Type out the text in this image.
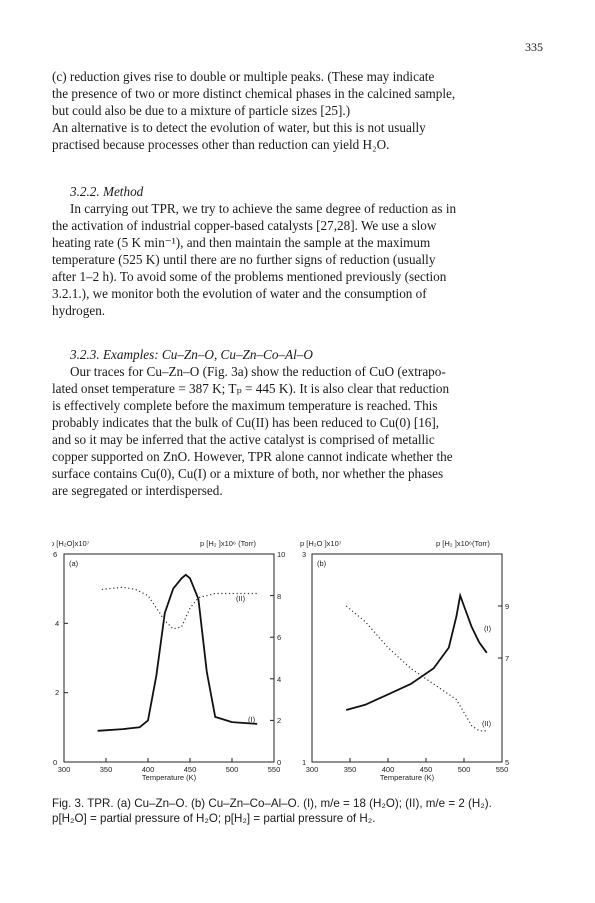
335

(c) reduction gives rise to double or multiple peaks. (These may indicate

the presence of two or more distinct chemical phases in the calcined sample,

but could also be due to a mixture of particle sizes [25].)

An alternative is to detect the evolution of water, but this is not usually

practised because processes other than reduction can yield H₂O.

3.2.2. Method

In carrying out TPR, we try to achieve the same degree of reduction as in

the activation of industrial copper-based catalysts [27,28]. We use a slow

heating rate (5 K min⁻¹), and then maintain the sample at the maximum

temperature (525 K) until there are no further signs of reduction (usually

after 1–2 h). To avoid some of the problems mentioned previously (section

3.2.1.), we monitor both the evolution of water and the consumption of

hydrogen.

3.2.3. Examples: Cu–Zn–O, Cu–Zn–Co–Al–O

Our traces for Cu–Zn–O (Fig. 3a) show the reduction of CuO (extrapo-

lated onset temperature = 387 K; Tₚ = 445 K). It is also clear that reduction

is effectively complete before the maximum temperature is reached. This

probably indicates that the bulk of Cu(II) has been reduced to Cu(0) [16],

and so it may be inferred that the active catalyst is comprised of metallic

copper supported on ZnO. However, TPR alone cannot indicate whether the

surface contains Cu(0), Cu(I) or a mixture of both, nor whether the phases

are segregated or interdispersed.

p [H₂O]x10⁷	p [H₂ ]x10⁶ (Torr)
(a)
0
2
4
6
0
2
4
6
8
10
300	350	400	450	500	550
Temperature (K)
(II)
(I)
p [H₂O ]x10⁷	p [H₂ ]x10⁶(Torr)
(b)
1
3
5
7
9
300	350	400	450	500	550
Temperature (K)
(I)
(II)

Fig. 3. TPR. (a) Cu–Zn–O. (b) Cu–Zn–Co–Al–O. (I), m/e = 18 (H₂O); (II), m/e = 2 (H₂).

p[H₂O] = partial pressure of H₂O; p[H₂] = partial pressure of H₂.
